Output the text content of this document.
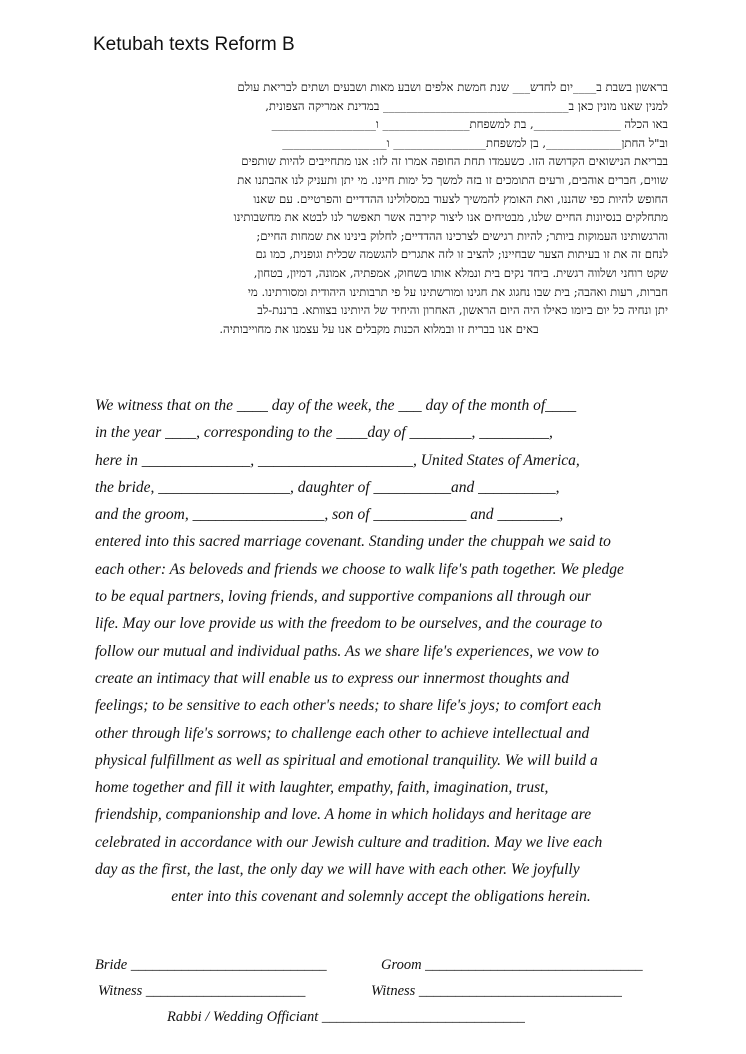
Ketubah texts Reform B
בראשון בשבת ב____יום לחדש___ שנת חמשת אלפים ושבע מאות ושבעים ושתים לבריאת עולם
למנין שאנו מונין כאן ב________________________________ במדינת אמריקה הצפונית,
באו הכלה _______________, בת למשפחת_______________ ו__________________
וב"ל החתן_____________, בן למשפחת________________ ו__________________
בבריאת הנישואים הקדושה הזו. כשעמדו תחת החופה אמרו זה לזו: אנו מתחייבים להיות שותפים
שווים, חברים אוהבים, ורעים התומכים זו בזה למשך כל ימות חיינו. מי יתן ותעניק לנו אהבתנו את
החופש להיות כפי שהננו, ואת האומץ להמשיך לצעוד במסלולינו ההדדיים והפרטיים. עם שאנו
מתחלקים בנסיונות החיים שלנו, מבטיחים אנו ליצור קירבה אשר תאפשר לנו לבטא את מחשבותינו
והרגשותינו העמוקות ביותר; להיות רגישים לצרכינו ההדדיים; לחלוק בינינו את שמחות החיים;
לנחם זה את זו בעיתות הצער שבחיינו; להציב זו לזה אתגרים להגשמה שכלית וגופנית, כמו גם
שקט רוחני ושלווה רגשית. ביחד נקים בית ונמלא אותו בשחוק, אמפתיה, אמונה, דמיון, בטחון,
חברות, רעות ואהבה; בית שבו נחגוג את חגינו ומורשתינו על פי תרבותינו היהודית ומסורתינו. מי
יתן ונחיה כל יום ביומו כאילו היה היום הראשון, האחרון והיחיד של היותינו בצוותא. ברננת-לב
באים אנו בברית זו ובמלוא הכנות מקבלים אנו על עצמנו את מחוייבותיה.
We witness that on the ____ day of the week, the ___ day of the month of____
in the year ____, corresponding to the ____day of ________, _________,
here in ______________, ____________________, United States of America,
the bride, _________________, daughter of __________and __________,
and the groom, _________________, son of ____________ and ________,
entered into this sacred marriage covenant. Standing under the chuppah we said to
each other: As beloveds and friends we choose to walk life's path together. We pledge
to be equal partners, loving friends, and supportive companions all through our
life. May our love provide us with the freedom to be ourselves, and the courage to
follow our mutual and individual paths. As we share life's experiences, we vow to
create an intimacy that will enable us to express our innermost thoughts and
feelings; to be sensitive to each other's needs; to share life's joys; to comfort each
other through life's sorrows; to challenge each other to achieve intellectual and
physical fulfillment as well as spiritual and emotional tranquility. We will build a
home together and fill it with laughter, empathy, faith, imagination, trust,
friendship, companionship and love. A home in which holidays and heritage are
celebrated in accordance with our Jewish culture and tradition. May we live each
day as the first, the last, the only day we will have with each other. We joyfully
enter into this covenant and solemnly accept the obligations herein.
Bride ___________________________	Groom ______________________________
Witness ______________________	Witness ____________________________
Rabbi / Wedding Officiant ____________________________
